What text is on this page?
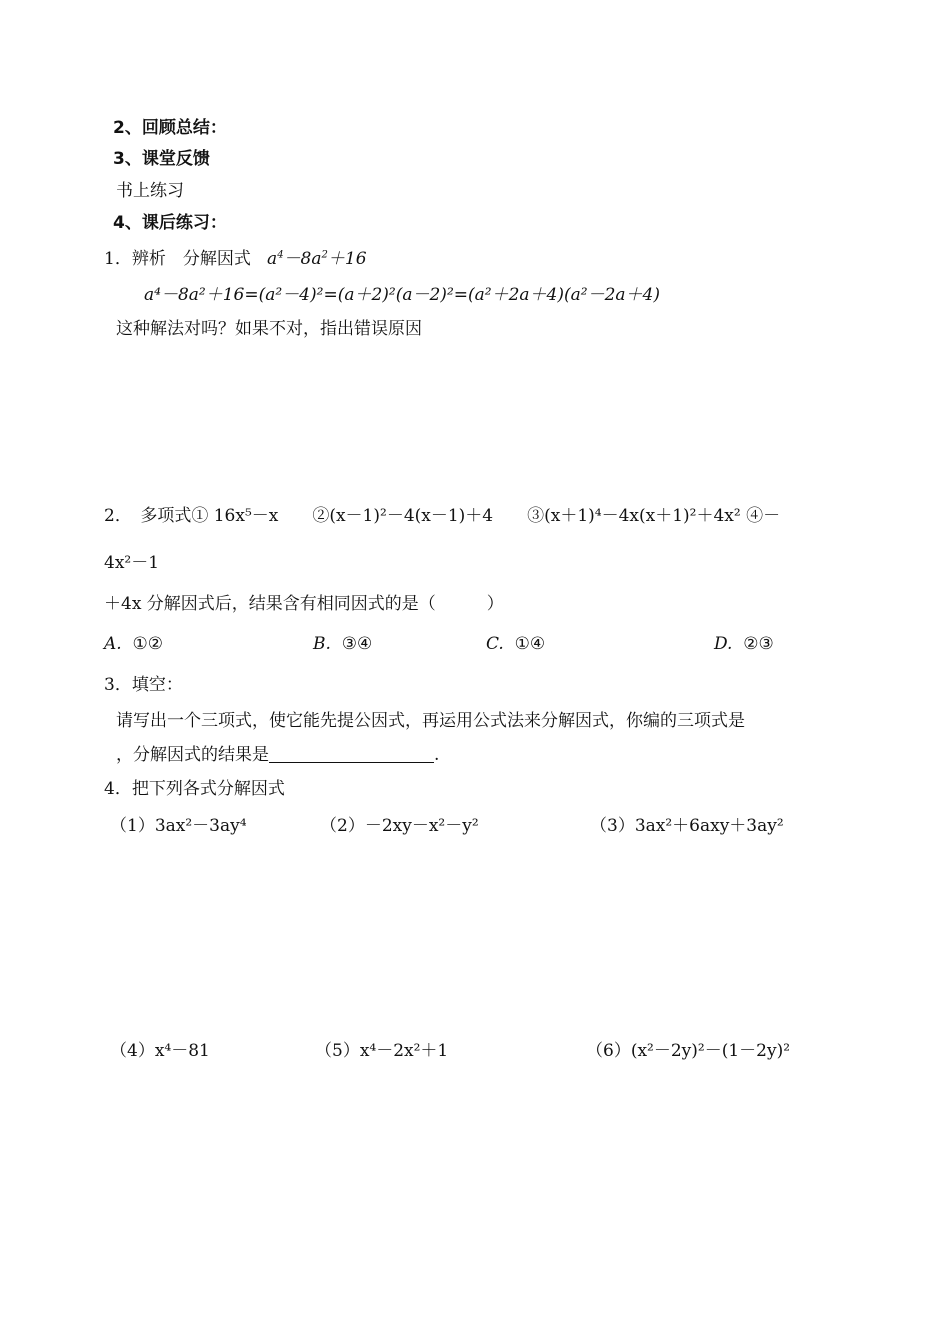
2、回顾总结：
3、课堂反馈
书上练习
4、课后练习：
1．辨析　分解因式 $a^4-8a^2+16$
a⁴－8a²＋16=(a²－4)²=(a＋2)²(a－2)²=(a²＋2a＋4)(a²－2a＋4)
这种解法对吗？如果不对，指出错误原因
2．　多项式① 16x⁵－x　　②(x－1)²－4(x－1)＋4　　③(x＋1)⁴－4x(x＋1)²＋4x² ④－
4x²－1
＋4x 分解因式后，结果含有相同因式的是（　　　）
A. ①②	B. ③④	C. ①④	D. ②③
3．填空：
请写出一个三项式，使它能先提公因式，再运用公式法来分解因式，你编的三项式是
，分解因式的结果是	.
4．把下列各式分解因式
（1）3ax²－3ay⁴	（2）－2xy－x²－y²	（3）3ax²＋6axy＋3ay²
（4）x⁴－81	（5）x⁴－2x²＋1	（6）(x²－2y)²－(1－2y)²
